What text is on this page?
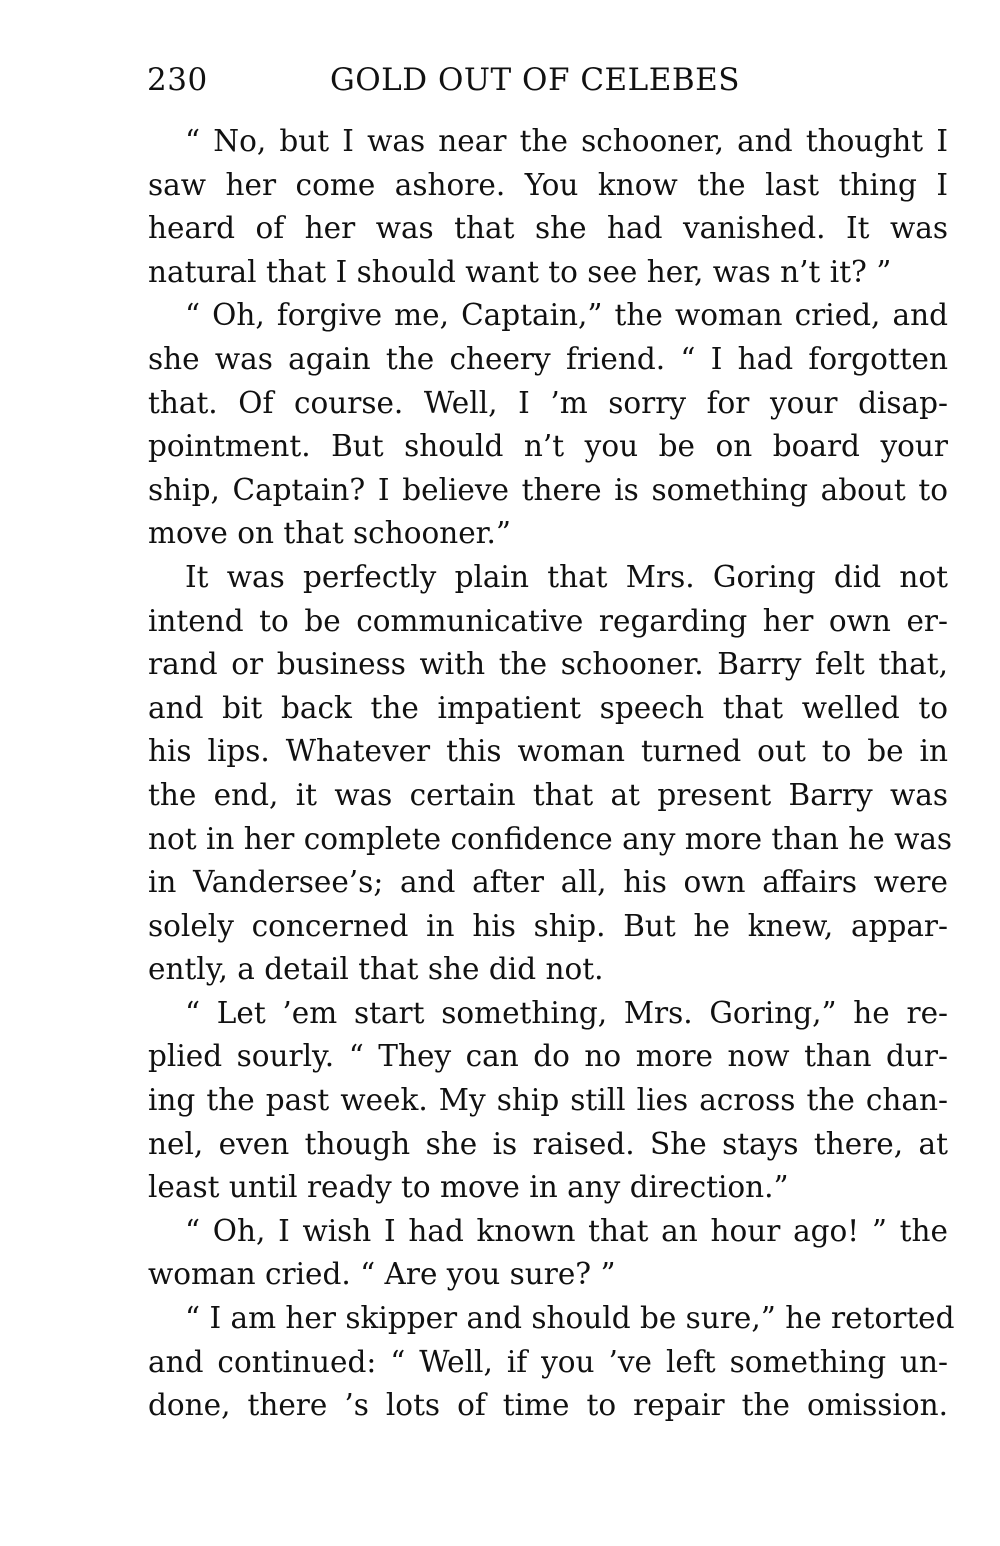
230	GOLD OUT OF CELEBES
“ No, but I was near the schooner, and thought I
saw her come ashore. You know the last thing I
heard of her was that she had vanished. It was
natural that I should want to see her, was n’t it? ”
“ Oh, forgive me, Captain,” the woman cried, and
she was again the cheery friend. “ I had forgotten
that. Of course. Well, I ’m sorry for your disap-
pointment. But should n’t you be on board your
ship, Captain? I believe there is something about to
move on that schooner.”
It was perfectly plain that Mrs. Goring did not
intend to be communicative regarding her own er-
rand or business with the schooner. Barry felt that,
and bit back the impatient speech that welled to
his lips. Whatever this woman turned out to be in
the end, it was certain that at present Barry was
not in her complete confidence any more than he was
in Vandersee’s; and after all, his own affairs were
solely concerned in his ship. But he knew, appar-
ently, a detail that she did not.
“ Let ’em start something, Mrs. Goring,” he re-
plied sourly. “ They can do no more now than dur-
ing the past week. My ship still lies across the chan-
nel, even though she is raised. She stays there, at
least until ready to move in any direction.”
“ Oh, I wish I had known that an hour ago! ” the
woman cried. “ Are you sure? ”
“ I am her skipper and should be sure,” he retorted
and continued: “ Well, if you ’ve left something un-
done, there ’s lots of time to repair the omission.
